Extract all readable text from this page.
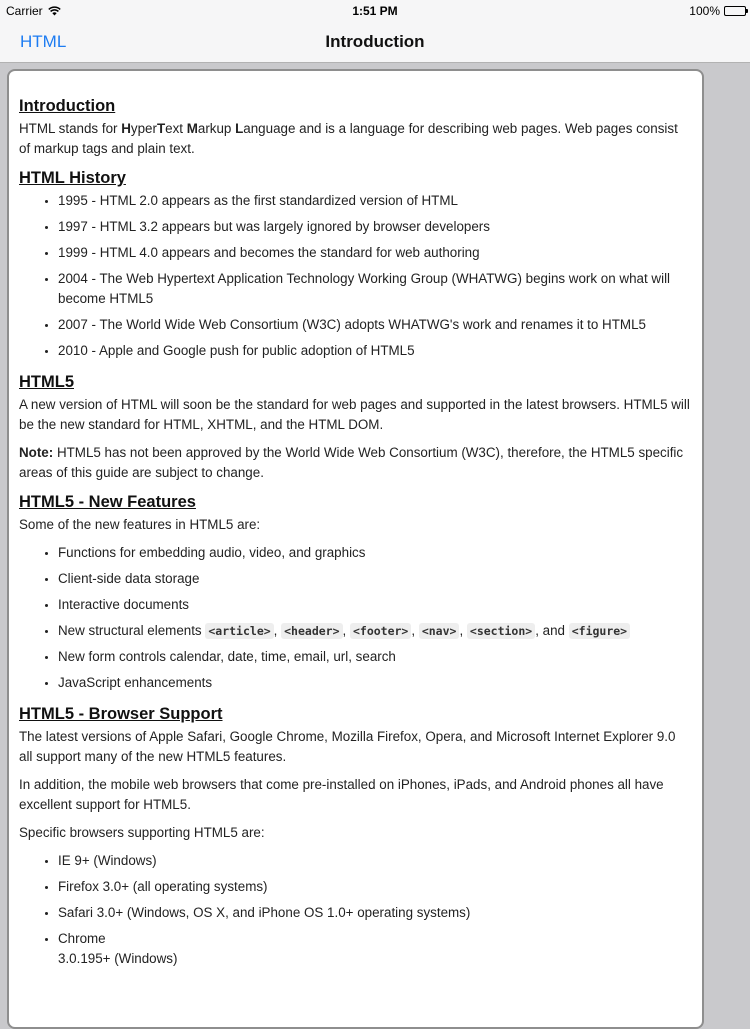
Carrier	1:51 PM	100%
HTML	Introduction
Introduction

HTML stands for HyperText Markup Language and is a language for describing web pages. Web pages consist of markup tags and plain text.

HTML History
• 1995 - HTML 2.0 appears as the first standardized version of HTML
• 1997 - HTML 3.2 appears but was largely ignored by browser developers
• 1999 - HTML 4.0 appears and becomes the standard for web authoring
• 2004 - The Web Hypertext Application Technology Working Group (WHATWG) begins work on what will become HTML5
• 2007 - The World Wide Web Consortium (W3C) adopts WHATWG's work and renames it to HTML5
• 2010 - Apple and Google push for public adoption of HTML5
HTML5

A new version of HTML will soon be the standard for web pages and supported in the latest browsers. HTML5 will be the new standard for HTML, XHTML, and the HTML DOM.

Note: HTML5 has not been approved by the World Wide Web Consortium (W3C), therefore, the HTML5 specific areas of this guide are subject to change.

HTML5 - New Features

Some of the new features in HTML5 are:

• Functions for embedding audio, video, and graphics
• Client-side data storage
• Interactive documents
• New structural elements <article> , <header> , <footer> , <nav> , <section> , and <figure>
• New form controls calendar, date, time, email, url, search
• JavaScript enhancements
HTML5 - Browser Support

The latest versions of Apple Safari, Google Chrome, Mozilla Firefox, Opera, and Microsoft Internet Explorer 9.0 all support many of the new HTML5 features.

In addition, the mobile web browsers that come pre-installed on iPhones, iPads, and Android phones all have excellent support for HTML5.

Specific browsers supporting HTML5 are:

• IE 9+ (Windows)
• Firefox 3.0+ (all operating systems)
• Safari 3.0+ (Windows, OS X, and iPhone OS 1.0+ operating systems)
• Chrome
3.0.195+ (Windows)
